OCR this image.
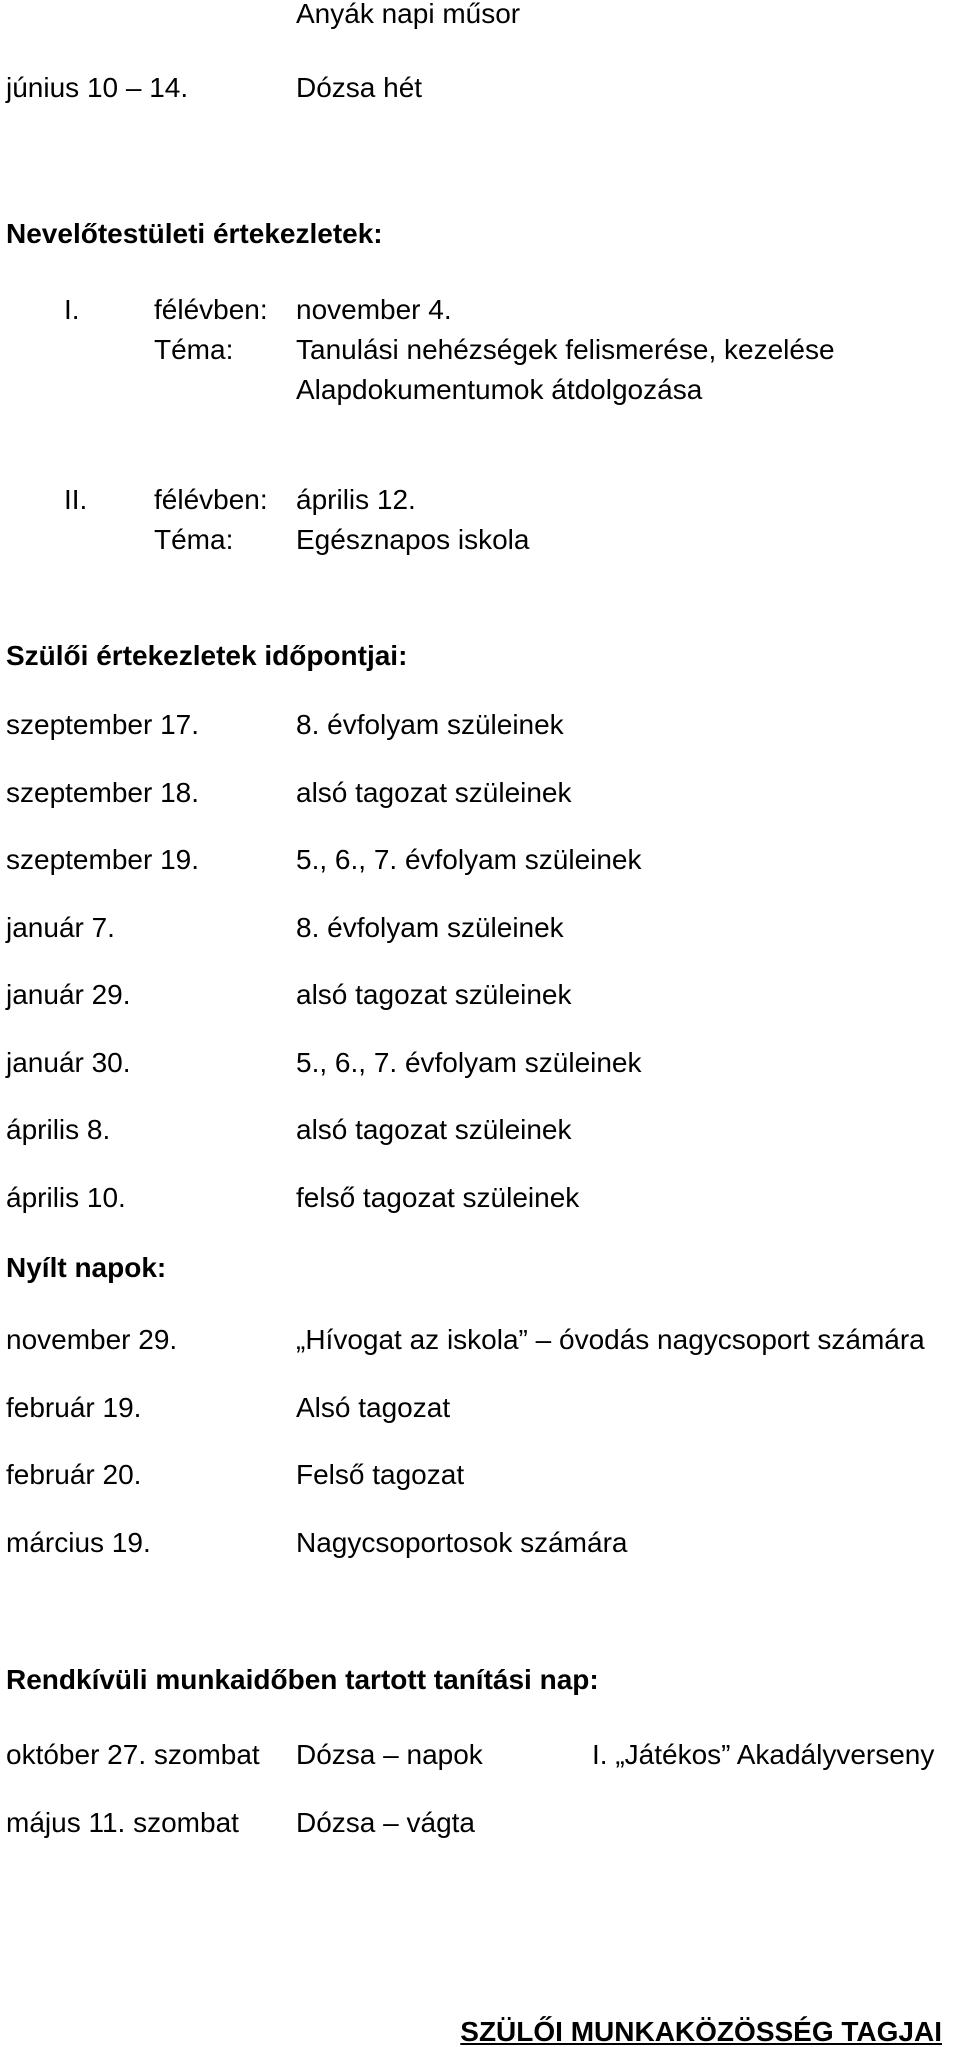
Anyák napi műsor
június 10 – 14.	Dózsa hét
Nevelőtestületi értekezletek:
I.	félévben: november 4.
Téma: Tanulási nehézségek felismerése, kezelése
Alapdokumentumok átdolgozása
II. félévben: április 12.
Téma: Egésznapos iskola
Szülői értekezletek időpontjai:
szeptember 17.	8. évfolyam szüleinek
szeptember 18.	alsó tagozat szüleinek
szeptember 19.	5., 6., 7. évfolyam szüleinek
január 7.	8. évfolyam szüleinek
január 29.	alsó tagozat szüleinek
január 30.	5., 6., 7. évfolyam szüleinek
április 8.	alsó tagozat szüleinek
április 10.	felső tagozat szüleinek
Nyílt napok:
november 29.	„Hívogat az iskola” – óvodás nagycsoport számára
február 19.	Alsó tagozat
február 20.	Felső tagozat
március 19.	Nagycsoportosok számára
Rendkívüli munkaidőben tartott tanítási nap:
október 27. szombat Dózsa – napok	I. „Játékos” Akadályverseny
május 11. szombat Dózsa – vágta
SZÜLŐI MUNKAKÖZÖSSÉG TAGJAI
